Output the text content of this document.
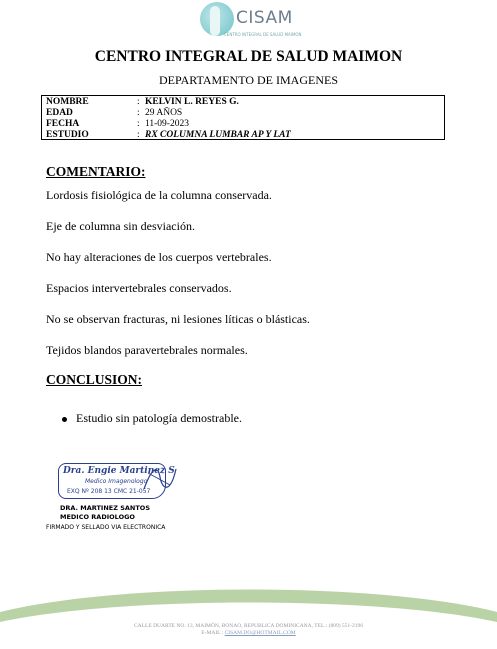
CISAM
CENTRO INTEGRAL DE SALUD MAIMON
CENTRO INTEGRAL DE SALUD MAIMON
DEPARTAMENTO DE IMAGENES
NOMBRE	: KELVIN L. REYES G.
EDAD	: 29 AÑOS
FECHA	: 11-09-2023
ESTUDIO	: RX COLUMNA LUMBAR AP Y LAT
COMENTARIO:
Lordosis fisiológica de la columna conservada.
Eje de columna sin desviación.
No hay alteraciones de los cuerpos vertebrales.
Espacios intervertebrales conservados.
No se observan fracturas, ni lesiones líticas o blásticas.
Tejidos blandos paravertebrales normales.
CONCLUSION:
Estudio sin patología demostrable.
Dra. Engie Martinez S
Medico Imagenologo
EXQ Nº 208 13 CMC 21-057
DRA. MARTINEZ SANTOS
MEDICO RADIOLOGO
FIRMADO Y SELLADO VIA ELECTRONICA
CALLE DUARTE NO. 13, MAIMÓN, BONAO, REPUBLICA DOMINICANA, TEL.: (809) 551-2196
E-MAIL : CISAM.DO@HOTMAIL.COM
